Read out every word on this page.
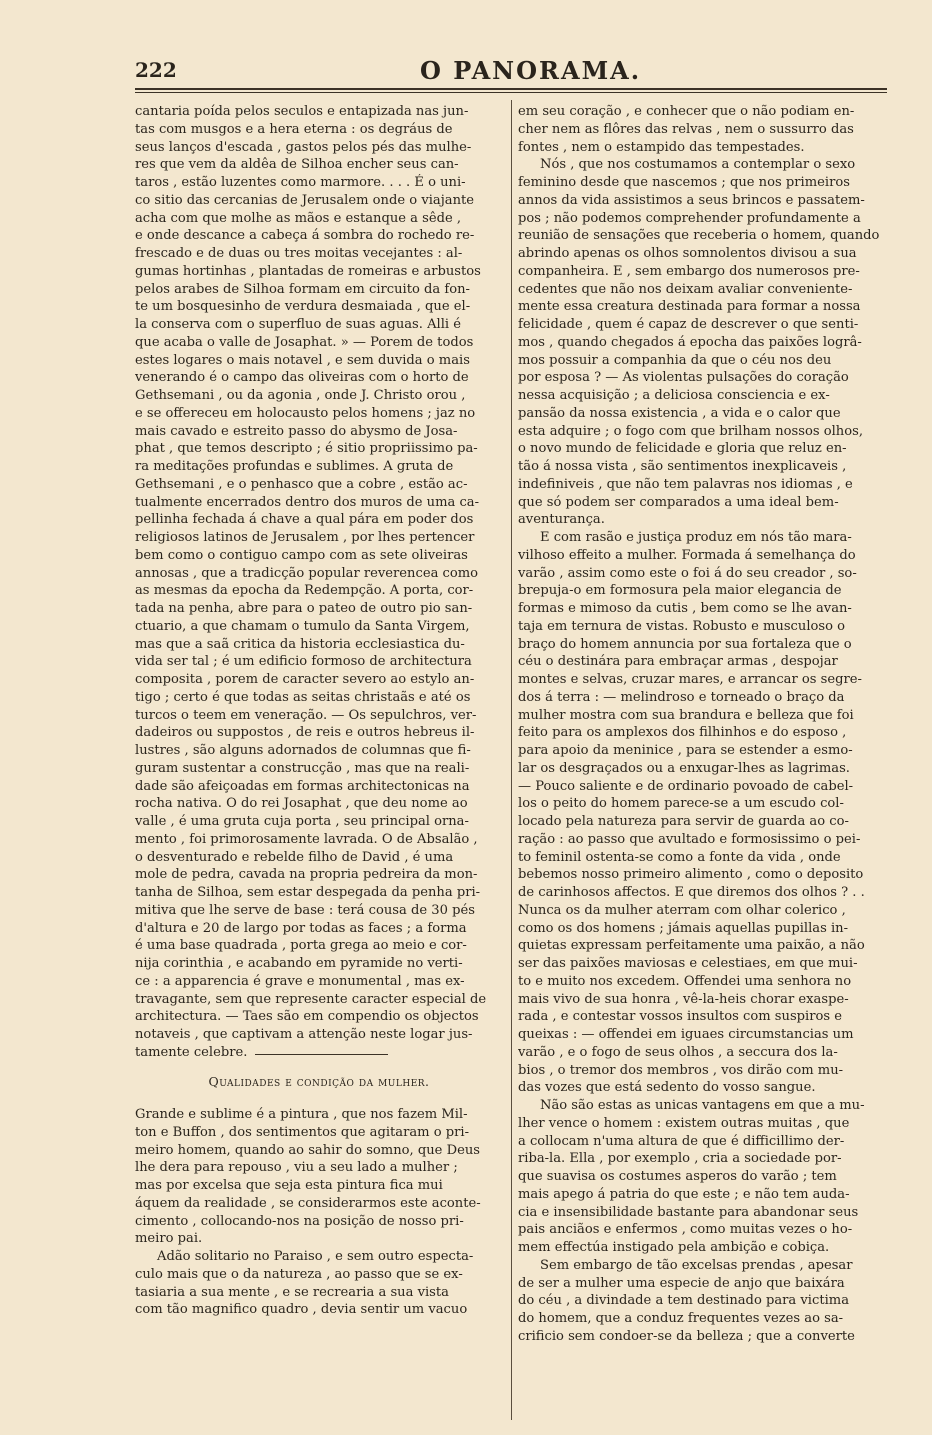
222	O PANORAMA.
cantaria poída pelos seculos e entapizada nas jun-
tas com musgos e a hera eterna : os degráus de
seus lanços d'escada , gastos pelos pés das mulhe-
res que vem da aldêa de Silhoa encher seus can-
taros , estão luzentes como marmore. . . . É o uni-
co sitio das cercanias de Jerusalem onde o viajante
acha com que molhe as mãos e estanque a sêde ,
e onde descance a cabeça á sombra do rochedo re-
frescado e de duas ou tres moitas vecejantes : al-
gumas hortinhas , plantadas de romeiras e arbustos
pelos arabes de Silhoa formam em circuito da fon-
te um bosquesinho de verdura desmaiada , que el-
la conserva com o superfluo de suas aguas. Alli é
que acaba o valle de Josaphat. » — Porem de todos
estes logares o mais notavel , e sem duvida o mais
venerando é o campo das oliveiras com o horto de
Gethsemani , ou da agonia , onde J. Christo orou ,
e se offereceu em holocausto pelos homens ; jaz no
mais cavado e estreito passo do abysmo de Josa-
phat , que temos descripto ; é sitio propriissimo pa-
ra meditações profundas e sublimes. A gruta de
Gethsemani , e o penhasco que a cobre , estão ac-
tualmente encerrados dentro dos muros de uma ca-
pellinha fechada á chave a qual pára em poder dos
religiosos latinos de Jerusalem , por lhes pertencer
bem como o contiguo campo com as sete oliveiras
annosas , que a tradicção popular reverencea como
as mesmas da epocha da Redempção. A porta, cor-
tada na penha, abre para o pateo de outro pio san-
ctuario, a que chamam o tumulo da Santa Virgem,
mas que a saã critica da historia ecclesiastica du-
vida ser tal ; é um edificio formoso de architectura
composita , porem de caracter severo ao estylo an-
tigo ; certo é que todas as seitas christaãs e até os
turcos o teem em veneração. — Os sepulchros, ver-
dadeiros ou suppostos , de reis e outros hebreus il-
lustres , são alguns adornados de columnas que fi-
guram sustentar a construcção , mas que na reali-
dade são afeiçoadas em formas architectonicas na
rocha nativa. O do rei Josaphat , que deu nome ao
valle , é uma gruta cuja porta , seu principal orna-
mento , foi primorosamente lavrada. O de Absalão ,
o desventurado e rebelde filho de David , é uma
mole de pedra, cavada na propria pedreira da mon-
tanha de Silhoa, sem estar despegada da penha pri-
mitiva que lhe serve de base : terá cousa de 30 pés
d'altura e 20 de largo por todas as faces ; a forma
é uma base quadrada , porta grega ao meio e cor-
nija corinthia , e acabando em pyramide no verti-
ce : a apparencia é grave e monumental , mas ex-
travagante, sem que represente caracter especial de
architectura. — Taes são em compendio os objectos
notaveis , que captivam a attenção neste logar jus-
tamente celebre.
Qualidades e condição da mulher.
Grande e sublime é a pintura , que nos fazem Mil-
ton e Buffon , dos sentimentos que agitaram o pri-
meiro homem, quando ao sahir do somno, que Deus
lhe dera para repouso , viu a seu lado a mulher ;
mas por excelsa que seja esta pintura fica mui
áquem da realidade , se considerarmos este aconte-
cimento , collocando-nos na posição de nosso pri-
meiro pai.
Adão solitario no Paraiso , e sem outro especta-
culo mais que o da natureza , ao passo que se ex-
tasiaria a sua mente , e se recrearia a sua vista
com tão magnifico quadro , devia sentir um vacuo
em seu coração , e conhecer que o não podiam en-
cher nem as flôres das relvas , nem o sussurro das
fontes , nem o estampido das tempestades.
Nós , que nos costumamos a contemplar o sexo
feminino desde que nascemos ; que nos primeiros
annos da vida assistimos a seus brincos e passatem-
pos ; não podemos comprehender profundamente a
reunião de sensações que receberia o homem, quando
abrindo apenas os olhos somnolentos divisou a sua
companheira. E , sem embargo dos numerosos pre-
cedentes que não nos deixam avaliar conveniente-
mente essa creatura destinada para formar a nossa
felicidade , quem é capaz de descrever o que senti-
mos , quando chegados á epocha das paixões logrâ-
mos possuir a companhia da que o céu nos deu
por esposa ? — As violentas pulsações do coração
nessa acquisição ; a deliciosa consciencia e ex-
pansão da nossa existencia , a vida e o calor que
esta adquire ; o fogo com que brilham nossos olhos,
o novo mundo de felicidade e gloria que reluz en-
tão á nossa vista , são sentimentos inexplicaveis ,
indefiniveis , que não tem palavras nos idiomas , e
que só podem ser comparados a uma ideal bem-
aventurança.
E com rasão e justiça produz em nós tão mara-
vilhoso effeito a mulher. Formada á semelhança do
varão , assim como este o foi á do seu creador , so-
brepuja-o em formosura pela maior elegancia de
formas e mimoso da cutis , bem como se lhe avan-
taja em ternura de vistas. Robusto e musculoso o
braço do homem annuncia por sua fortaleza que o
céu o destinára para embraçar armas , despojar
montes e selvas, cruzar mares, e arrancar os segre-
dos á terra : — melindroso e torneado o braço da
mulher mostra com sua brandura e belleza que foi
feito para os amplexos dos filhinhos e do esposo ,
para apoio da meninice , para se estender a esmo-
lar os desgraçados ou a enxugar-lhes as lagrimas.
— Pouco saliente e de ordinario povoado de cabel-
los o peito do homem parece-se a um escudo col-
locado pela natureza para servir de guarda ao co-
ração : ao passo que avultado e formosissimo o pei-
to feminil ostenta-se como a fonte da vida , onde
bebemos nosso primeiro alimento , como o deposito
de carinhosos affectos. E que diremos dos olhos ? . .
Nunca os da mulher aterram com olhar colerico ,
como os dos homens ; jámais aquellas pupillas in-
quietas expressam perfeitamente uma paixão, a não
ser das paixões maviosas e celestiaes, em que mui-
to e muito nos excedem. Offendei uma senhora no
mais vivo de sua honra , vê-la-heis chorar exaspe-
rada , e contestar vossos insultos com suspiros e
queixas : — offendei em iguaes circumstancias um
varão , e o fogo de seus olhos , a seccura dos la-
bios , o tremor dos membros , vos dirão com mu-
das vozes que está sedento do vosso sangue.
Não são estas as unicas vantagens em que a mu-
lher vence o homem : existem outras muitas , que
a collocam n'uma altura de que é difficillimo der-
riba-la. Ella , por exemplo , cria a sociedade por-
que suavisa os costumes asperos do varão ; tem
mais apego á patria do que este ; e não tem auda-
cia e insensibilidade bastante para abandonar seus
pais anciãos e enfermos , como muitas vezes o ho-
mem effectúa instigado pela ambição e cobiça.
Sem embargo de tão excelsas prendas , apesar
de ser a mulher uma especie de anjo que baixára
do céu , a divindade a tem destinado para victima
do homem, que a conduz frequentes vezes ao sa-
crificio sem condoer-se da belleza ; que a converte
